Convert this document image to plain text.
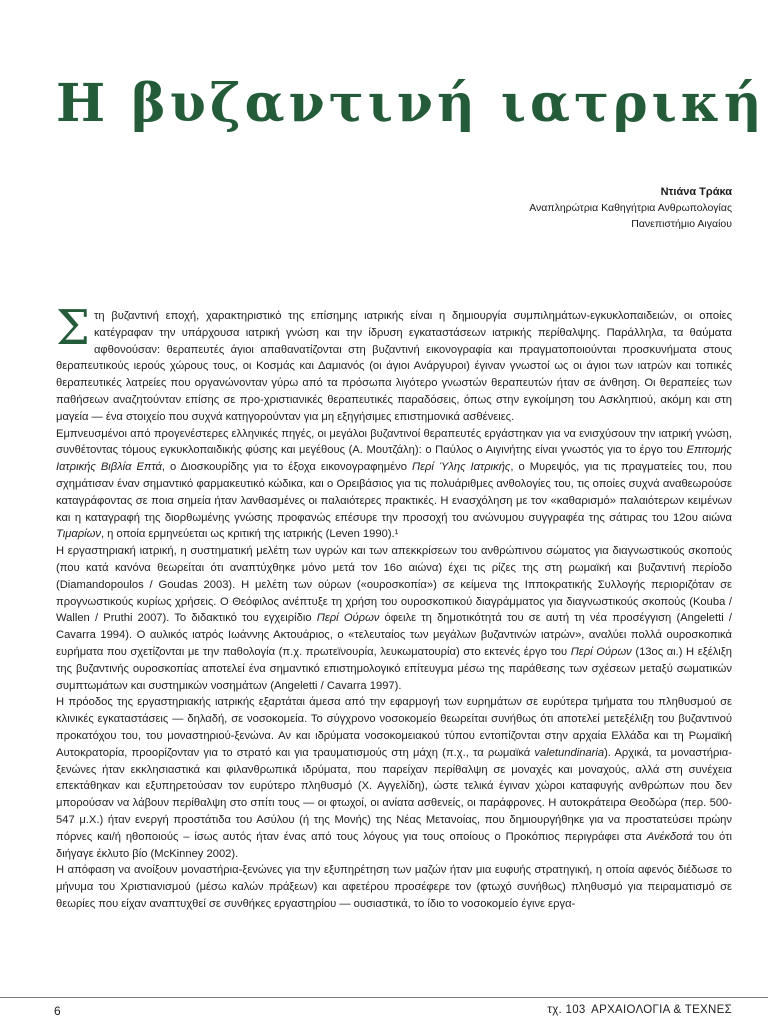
Η βυζαντινή ιατρική
Ντιάνα Τράκα
Αναπληρώτρια Καθηγήτρια Ανθρωπολογίας
Πανεπιστήμιο Αιγαίου
Σ τη βυζαντινή εποχή, χαρακτηριστικό της επίσημης ιατρικής είναι η δημιουργία συμπιλημάτων-εγκυκλοπαιδειών, οι οποίες κατέγραφαν την υπάρχουσα ιατρική γνώση και την ίδρυση εγκαταστάσεων ιατρικής περίθαλψης. Παράλληλα, τα θαύματα αφθονούσαν: θεραπευτές άγιοι απαθανατίζονται στη βυζαντινή εικονογραφία και πραγματοποιούνται προσκυνήματα στους θεραπευτικούς ιερούς χώρους τους, οι Κοσμάς και Δαμιανός (οι άγιοι Ανάργυροι) έγιναν γνωστοί ως οι άγιοι των ιατρών και τοπικές θεραπευτικές λατρείες που οργανώνονταν γύρω από τα πρόσωπα λιγότερο γνωστών θεραπευτών ήταν σε άνθηση. Οι θεραπείες των παθήσεων αναζητούνταν επίσης σε προ-χριστιανικές θεραπευτικές παραδόσεις, όπως στην εγκοίμηση του Ασκληπιού, ακόμη και στη μαγεία — ένα στοιχείο που συχνά κατηγορούνταν για μη εξηγήσιμες επιστημονικά ασθένειες.

Εμπνευσμένοι από προγενέστερες ελληνικές πηγές, οι μεγάλοι βυζαντινοί θεραπευτές εργάστηκαν για να ενισχύσουν την ιατρική γνώση, συνθέτοντας τόμους εγκυκλοπαιδικής φύσης και μεγέθους (Α. Μουτζάλη): ο Παύλος ο Αιγινήτης είναι γνωστός για το έργο του Επιτομής Ιατρικής Βιβλία Επτά, ο Διοσκουρίδης για το έξοχα εικονογραφημένο Περί Ύλης Ιατρικής, ο Μυρεψός, για τις πραγματείες του, που σχημάτισαν έναν σημαντικό φαρμακευτικό κώδικα, και ο Ορειβάσιος για τις πολυάριθμες ανθολογίες του, τις οποίες συχνά αναθεωρούσε καταγράφοντας σε ποια σημεία ήταν λανθασμένες οι παλαιότερες πρακτικές. Η ενασχόληση με τον «καθαρισμό» παλαιότερων κειμένων και η καταγραφή της διορθωμένης γνώσης προφανώς επέσυρε την προσοχή του ανώνυμου συγγραφέα της σάτιρας του 12ου αιώνα Τιμαρίων, η οποία ερμηνεύεται ως κριτική της ιατρικής (Leven 1990).¹

Η εργαστηριακή ιατρική, η συστηματική μελέτη των υγρών και των απεκκρίσεων του ανθρώπινου σώματος για διαγνωστικούς σκοπούς (που κατά κανόνα θεωρείται ότι αναπτύχθηκε μόνο μετά τον 16ο αιώνα) έχει τις ρίζες της στη ρωμαϊκή και βυζαντινή περίοδο (Diamandopoulos / Goudas 2003). Η μελέτη των ούρων («ουροσκοπία») σε κείμενα της Ιπποκρατικής Συλλογής περιοριζόταν σε προγνωστικούς κυρίως χρήσεις. Ο Θεόφιλος ανέπτυξε τη χρήση του ουροσκοπικού διαγράμματος για διαγνωστικούς σκοπούς (Kouba / Wallen / Pruthi 2007). Το διδακτικό του εγχειρίδιο Περί Ούρων όφειλε τη δημοτικότητά του σε αυτή τη νέα προσέγγιση (Angeletti / Cavarra 1994). Ο αυλικός ιατρός Ιωάννης Ακτουάριος, ο «τελευταίος των μεγάλων βυζαντινών ιατρών», αναλύει πολλά ουροσκοπικά ευρήματα που σχετίζονται με την παθολογία (π.χ. πρωτεϊνουρία, λευκωματουρία) στο εκτενές έργο του Περί Ούρων (13ος αι.) Η εξέλιξη της βυζαντινής ουροσκοπίας αποτελεί ένα σημαντικό επιστημολογικό επίτευγμα μέσω της παράθεσης των σχέσεων μεταξύ σωματικών συμπτωμάτων και συστημικών νοσημάτων (Angeletti / Cavarra 1997).

Η πρόοδος της εργαστηριακής ιατρικής εξαρτάται άμεσα από την εφαρμογή των ευρημάτων σε ευρύτερα τμήματα του πληθυσμού σε κλινικές εγκαταστάσεις — δηλαδή, σε νοσοκομεία. Το σύγχρονο νοσοκομείο θεωρείται συνήθως ότι αποτελεί μετεξέλιξη του βυζαντινού προκατόχου του, του μοναστηριού-ξενώνα. Αν και ιδρύματα νοσοκομειακού τύπου εντοπίζονται στην αρχαία Ελλάδα και τη Ρωμαϊκή Αυτοκρατορία, προορίζονταν για το στρατό και για τραυματισμούς στη μάχη (π.χ., τα ρωμαϊκά valetundinaria). Αρχικά, τα μοναστήρια-ξενώνες ήταν εκκλησιαστικά και φιλανθρωπικά ιδρύματα, που παρείχαν περίθαλψη σε μοναχές και μοναχούς, αλλά στη συνέχεια επεκτάθηκαν και εξυπηρετούσαν τον ευρύτερο πληθυσμό (Χ. Αγγελίδη), ώστε τελικά έγιναν χώροι καταφυγής ανθρώπων που δεν μπορούσαν να λάβουν περίθαλψη στο σπίτι τους — οι φτωχοί, οι ανίατα ασθενείς, οι παράφρονες. Η αυτοκράτειρα Θεοδώρα (περ. 500-547 μ.Χ.) ήταν ενεργή προστάτιδα του Ασύλου (ή της Μονής) της Νέας Μετανοίας, που δημιουργήθηκε για να προστατεύσει πρώην πόρνες και/ή ηθοποιούς – ίσως αυτός ήταν ένας από τους λόγους για τους οποίους ο Προκόπιος περιγράφει στα Ανέκδοτά του ότι διήγαγε έκλυτο βίο (McKinney 2002).

Η απόφαση να ανοίξουν μοναστήρια-ξενώνες για την εξυπηρέτηση των μαζών ήταν μια ευφυής στρατηγική, η οποία αφενός διέδωσε το μήνυμα του Χριστιανισμού (μέσω καλών πράξεων) και αφετέρου προσέφερε τον (φτωχό συνήθως) πληθυσμό για πειραματισμό σε θεωρίες που είχαν αναπτυχθεί σε συνθήκες εργαστηρίου — ουσιαστικά, το ίδιο το νοσοκομείο έγινε εργα-

6	τχ. 103 ΑΡΧΑΙΟΛΟΓΙΑ & ΤΕΧΝΕΣ
